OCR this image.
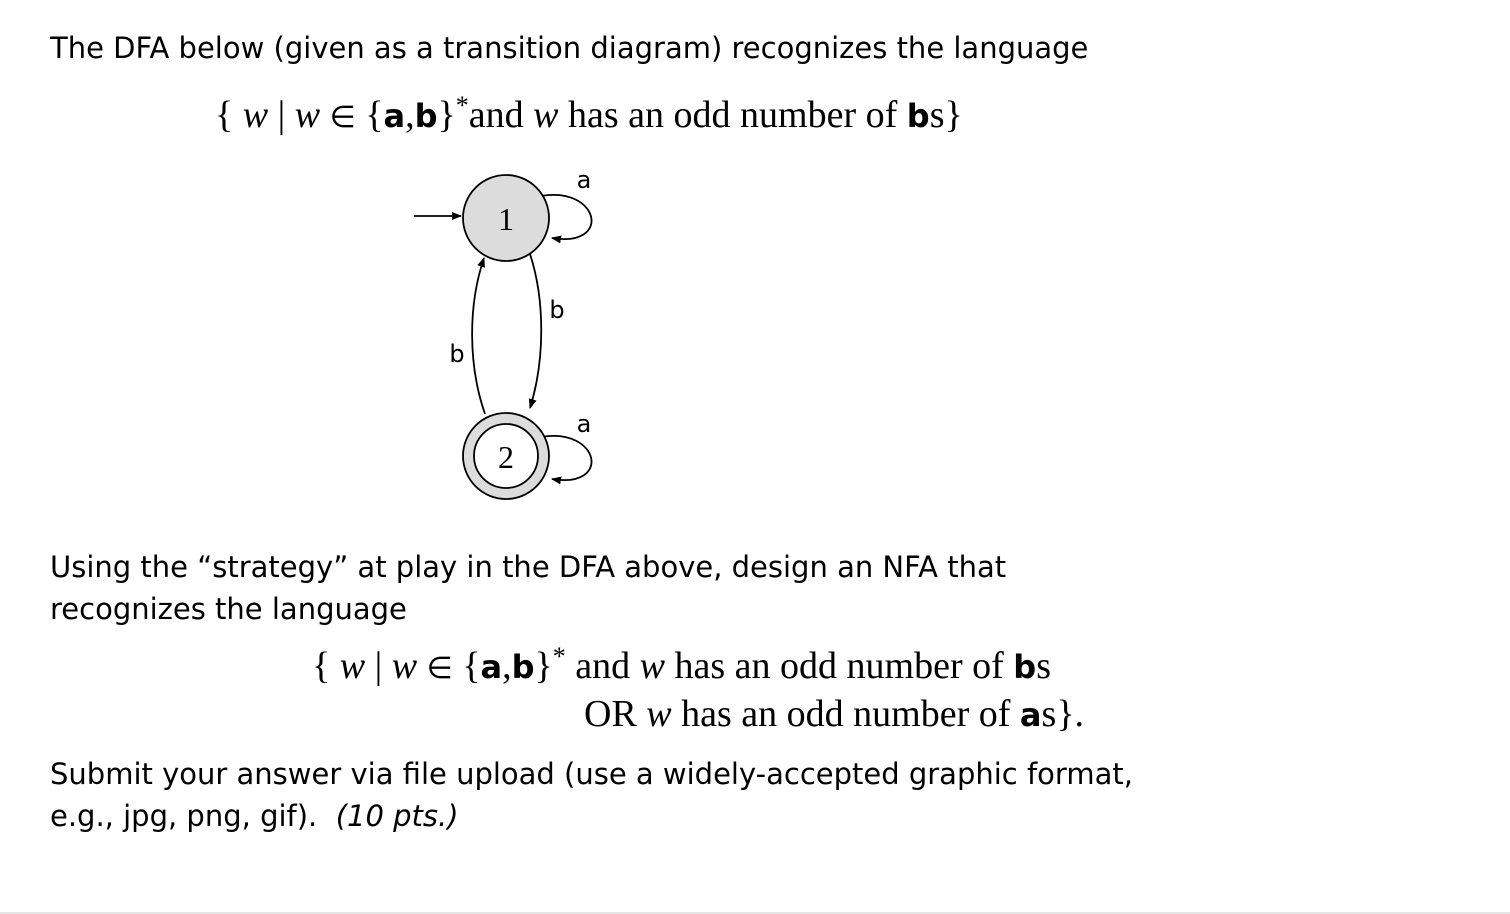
The DFA below (given as a transition diagram) recognizes the language
{ w | w ∈ {a,b}*and w has an odd number of bs}
1
2
a
b
b
a
Using the “strategy” at play in the DFA above, design an NFA that
recognizes the language
{ w | w ∈ {a,b}* and w has an odd number of bs
OR w has an odd number of as}.
Submit your answer via file upload (use a widely-accepted graphic format,
e.g., jpg, png, gif). (10 pts.)
